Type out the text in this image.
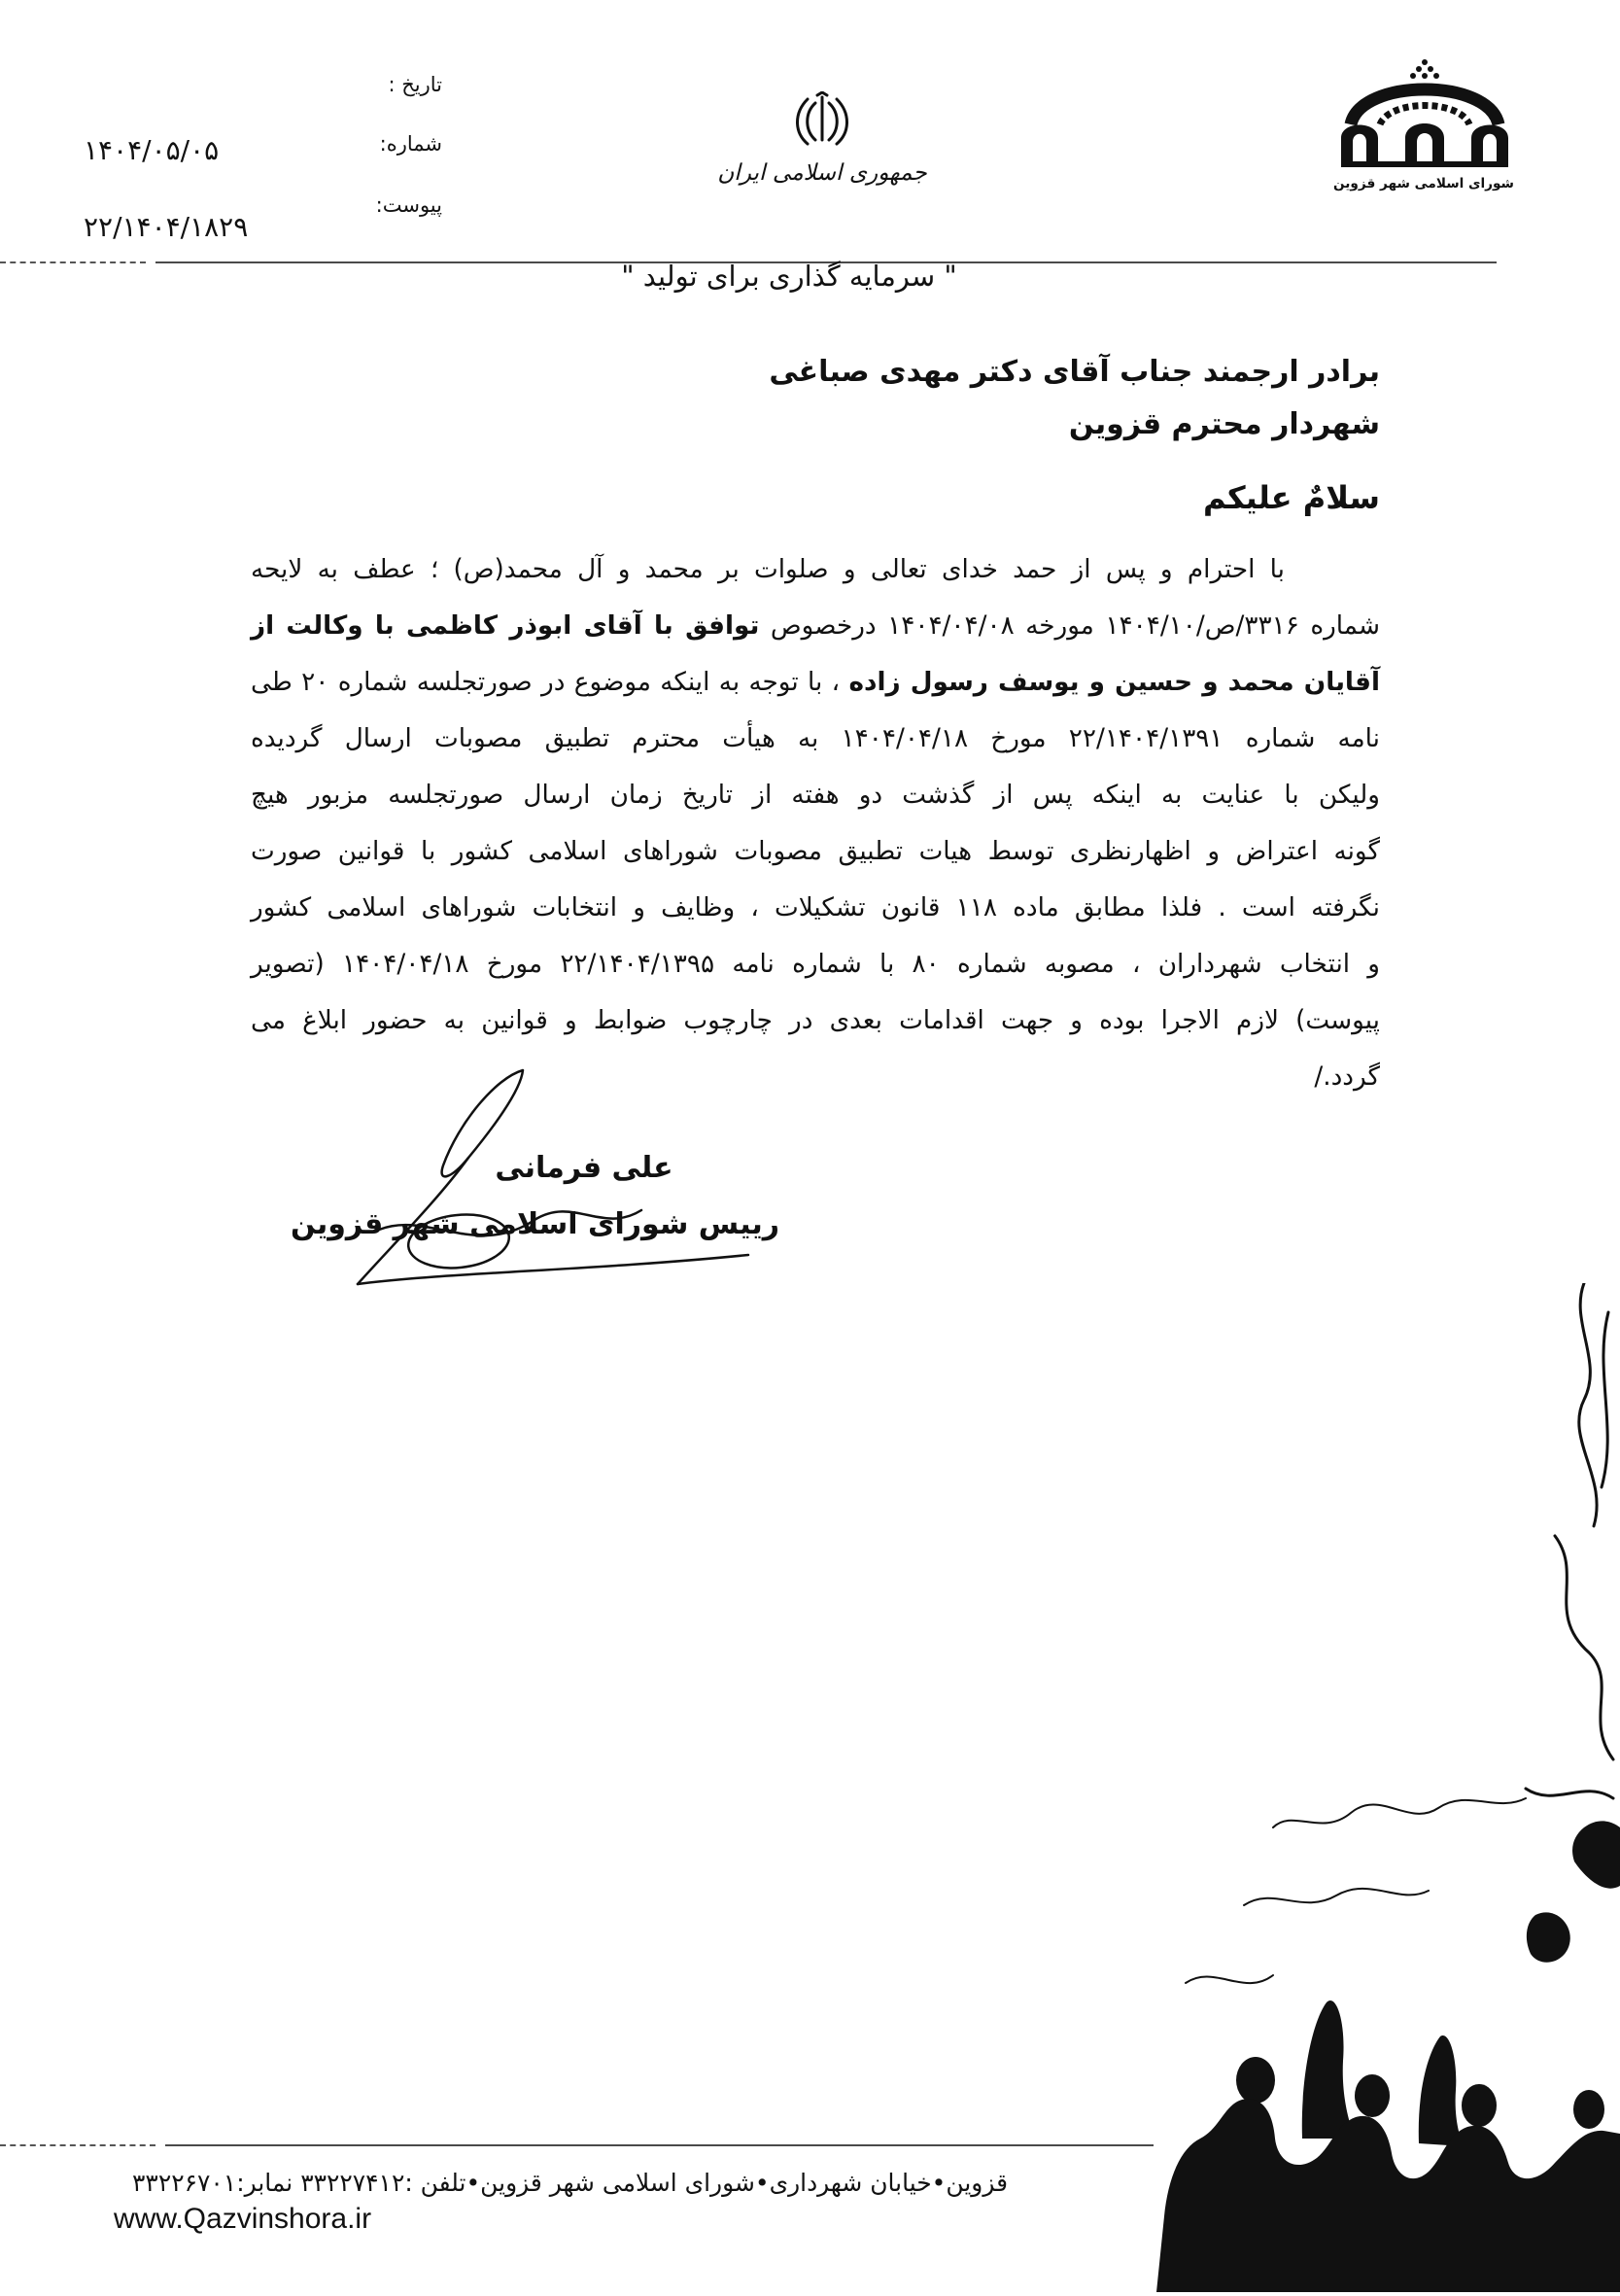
شورای اسلامی شهر قزوین
جمهوری اسلامی ایران
تاریخ :
شماره:
پیوست:
۱۴۰۴/۰۵/۰۵
۲۲/۱۴۰۴/۱۸۲۹
" سرمایه گذاری برای تولید "
برادر ارجمند جناب آقای دکتر مهدی صباغی
شهردار محترم قزوین
سلامٌ علیکم
با احترام و پس از حمد خدای تعالی و صلوات بر محمد و آل محمد(ص) ؛ عطف به لایحه
شماره ۳۳۱۶/ص/۱۴۰۴/۱۰ مورخه ۱۴۰۴/۰۴/۰۸ درخصوص توافق با آقای ابوذر کاظمی با وکالت از
آقایان محمد و حسین و یوسف رسول زاده ، با توجه به اینکه موضوع در صورتجلسه شماره ۲۰ طی
نامه شماره ۲۲/۱۴۰۴/۱۳۹۱ مورخ ۱۴۰۴/۰۴/۱۸ به هیأت محترم تطبیق مصوبات ارسال گردیده
ولیکن با عنایت به اینکه پس از گذشت دو هفته از تاریخ زمان ارسال صورتجلسه مزبور هیچ
گونه اعتراض و اظهارنظری توسط هیات تطبیق مصوبات شوراهای اسلامی کشور با قوانین صورت
نگرفته است . فلذا مطابق ماده ۱۱۸ قانون تشکیلات ، وظایف و انتخابات شوراهای اسلامی کشور
و انتخاب شهرداران ، مصوبه شماره ۸۰ با شماره نامه ۲۲/۱۴۰۴/۱۳۹۵ مورخ ۱۴۰۴/۰۴/۱۸ (تصویر
پیوست) لازم الاجرا بوده و جهت اقدامات بعدی در چارچوب ضوابط و قوانین به حضور ابلاغ می
گردد./
علی فرمانی
رییس شورای اسلامی شهر قزوین
قزوین•خیابان شهرداری•شورای اسلامی شهر قزوین•تلفن :۳۳۲۲۷۴۱۲ نمابر:۳۳۲۲۶۷۰۱
www.Qazvinshora.ir
